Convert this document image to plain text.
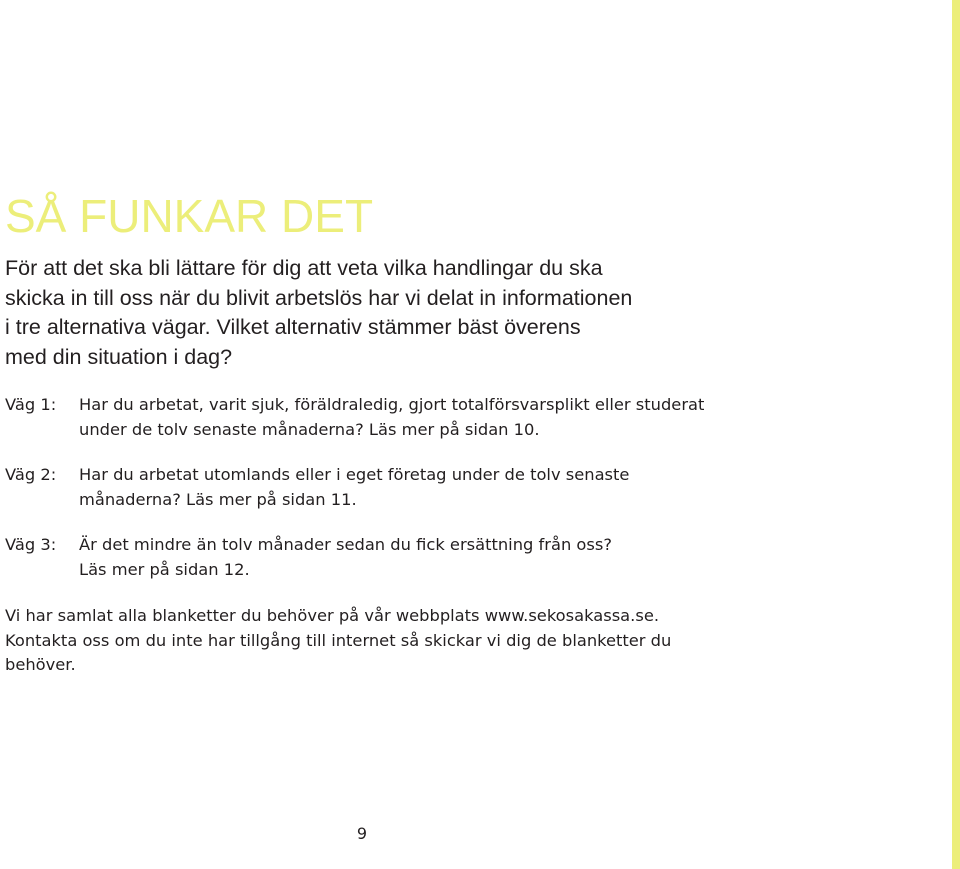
SÅ FUNKAR DET

För att det ska bli lättare för dig att veta vilka handlingar du ska
skicka in till oss när du blivit arbetslös har vi delat in informationen
i tre alternativa vägar. Vilket alternativ stämmer bäst överens
med din situation i dag?

Väg 1: Har du arbetat, varit sjuk, föräldraledig, gjort totalförsvarsplikt eller studerat
under de tolv senaste månaderna? Läs mer på sidan 10.
Väg 2: Har du arbetat utomlands eller i eget företag under de tolv senaste
månaderna? Läs mer på sidan 11.
Väg 3: Är det mindre än tolv månader sedan du fick ersättning från oss?
Läs mer på sidan 12.

Vi har samlat alla blanketter du behöver på vår webbplats www.sekosakassa.se.
Kontakta oss om du inte har tillgång till internet så skickar vi dig de blanketter du
behöver.

9
